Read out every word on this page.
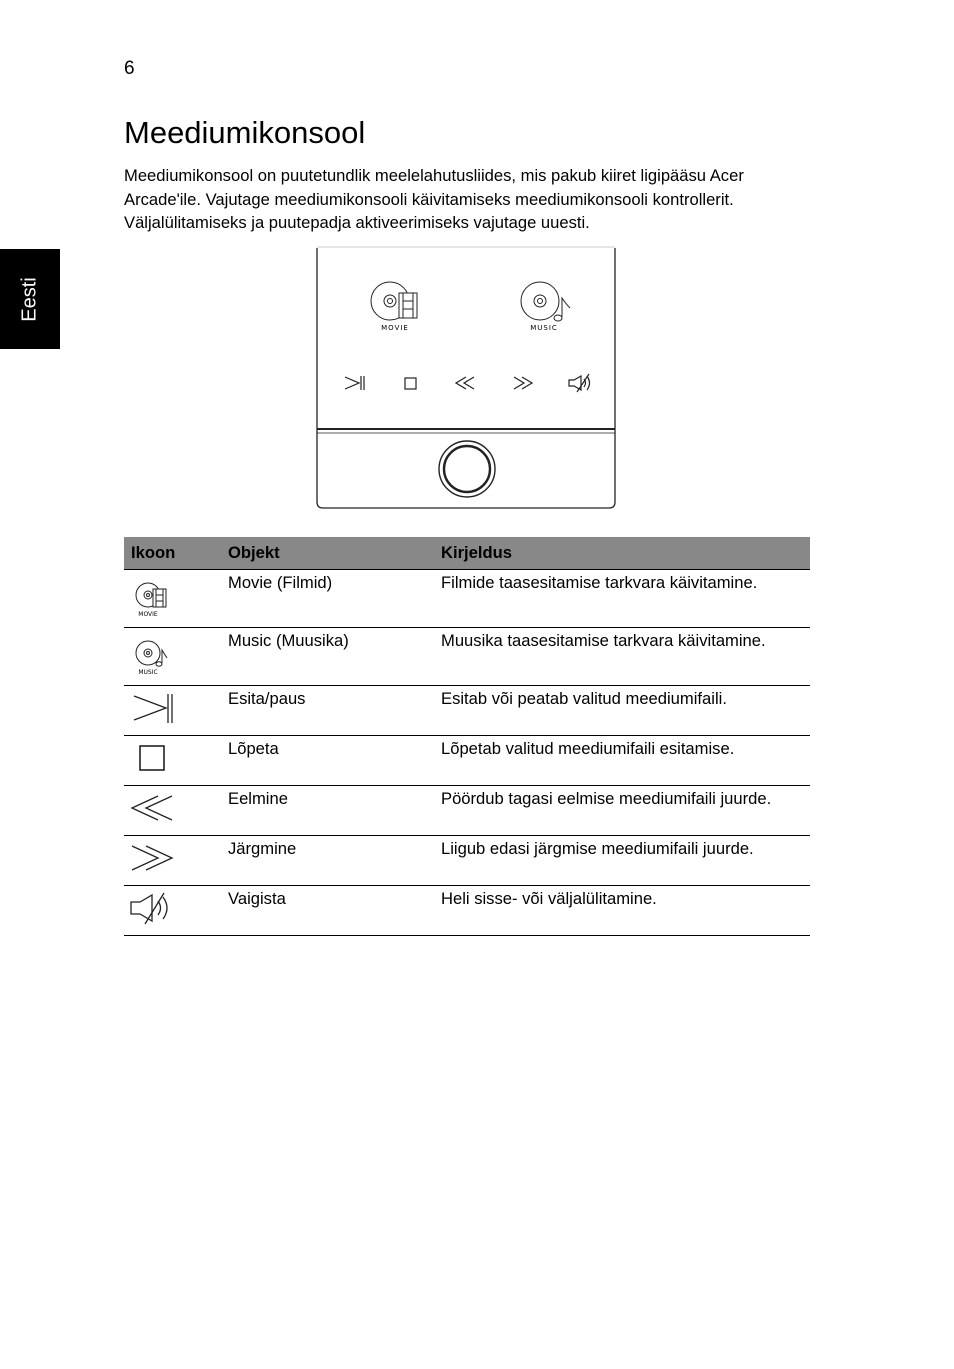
6
Eesti
Meediumikonsool

Meediumikonsool on puutetundlik meelelahutusliides, mis pakub kiiret ligipääsu Acer Arcade'ile. Vajutage meediumikonsooli käivitamiseks meediumikonsooli kontrollerit. Väljalülitamiseks ja puutepadja aktiveerimiseks vajutage uuesti.

MOVIE	MUSIC
Ikoon	Objekt	Kirjeldus

MOVIE	Movie (Filmid)	Filmide taasesitamise tarkvara käivitamine.

MUSIC	Music (Muusika)	Muusika taasesitamise tarkvara käivitamine.
	Esita/paus	Esitab või peatab valitud meediumifaili.
	Lõpeta	Lõpetab valitud meediumifaili esitamise.
	Eelmine	Pöördub tagasi eelmise meediumifaili juurde.
	Järgmine	Liigub edasi järgmise meediumifaili juurde.
	Vaigista	Heli sisse- või väljalülitamine.
